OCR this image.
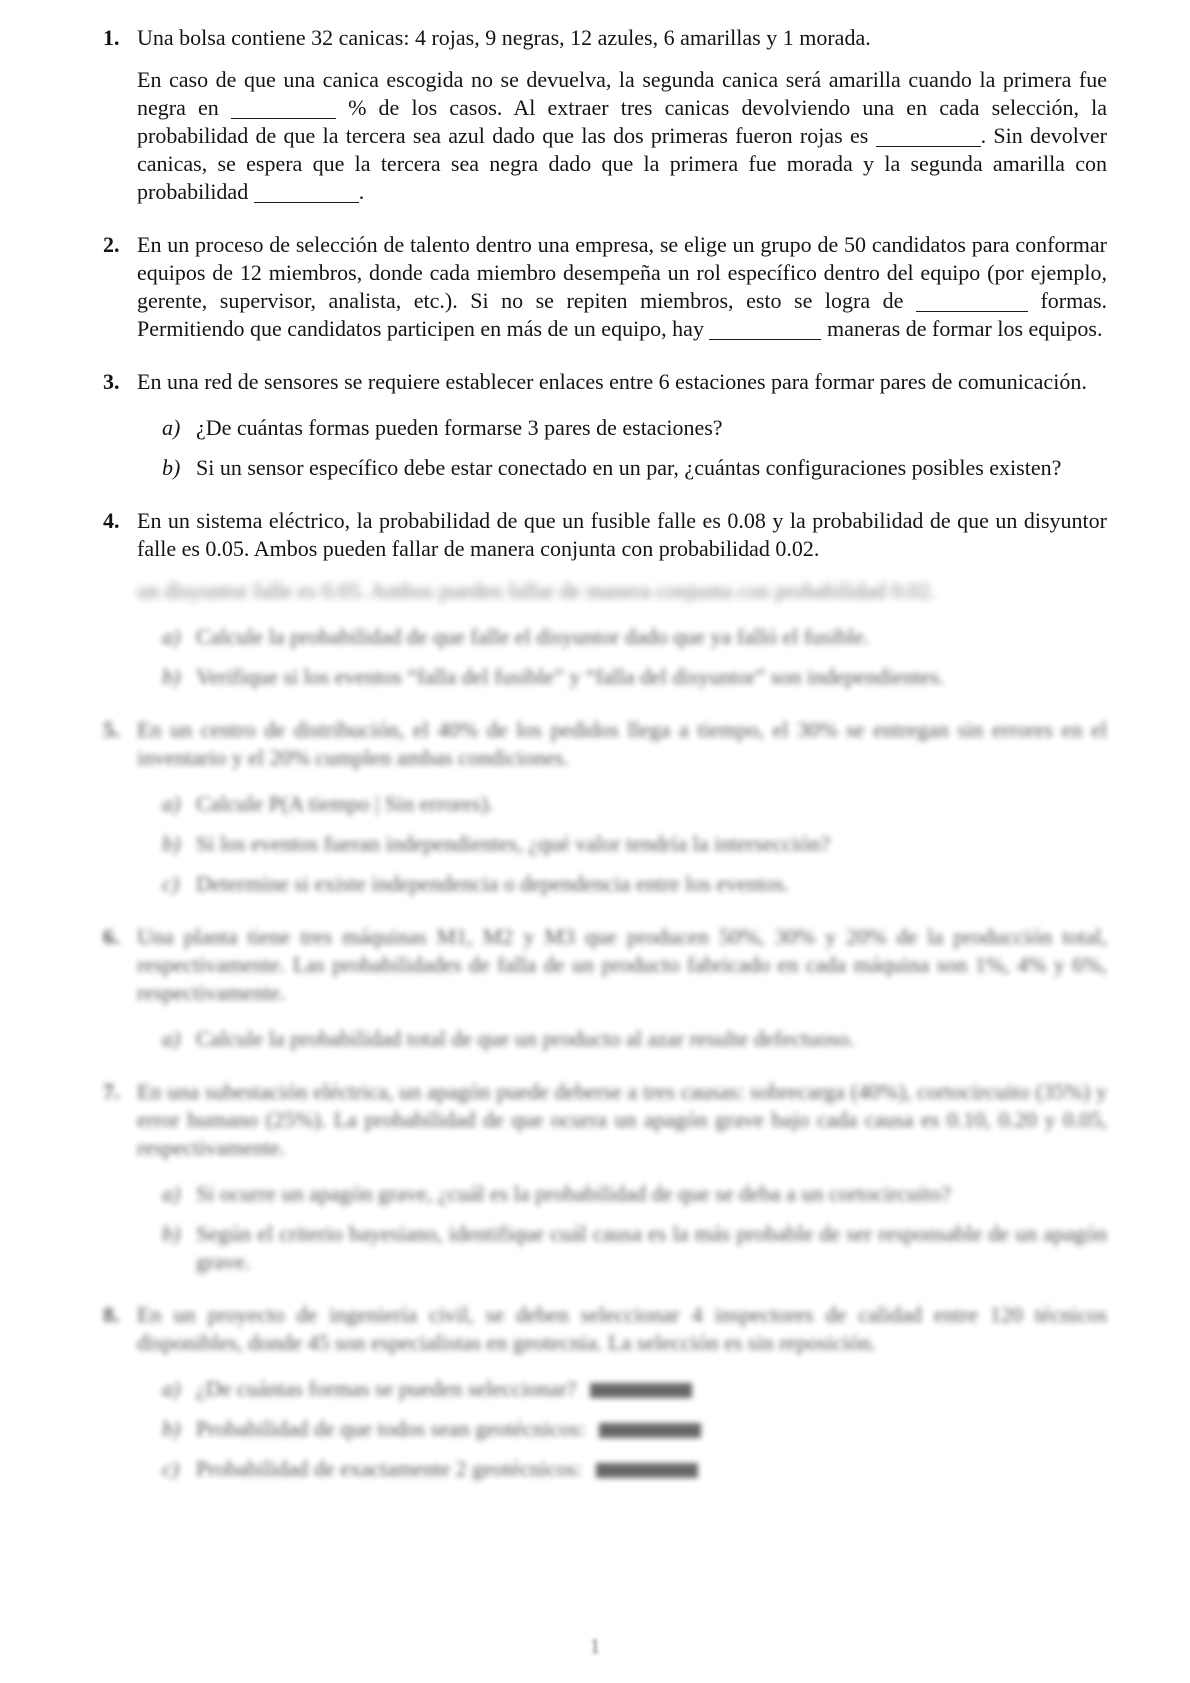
1. Una bolsa contiene 32 canicas: 4 rojas, 9 negras, 12 azules, 6 amarillas y 1 morada.

En caso de que una canica escogida no se devuelva, la segunda canica será amarilla cuando la primera fue negra en	% de los casos. Al extraer tres canicas devolviendo una en cada selección, la probabilidad de que la tercera sea azul dado que las dos primeras fueron rojas es	. Sin devolver canicas, se espera que la tercera sea negra dado que la primera fue morada y la segunda amarilla con probabilidad	.

2. En un proceso de selección de talento dentro una empresa, se elige un grupo de 50 candidatos para conformar equipos de 12 miembros, donde cada miembro desempeña un rol específico dentro del equipo (por ejemplo, gerente, supervisor, analista, etc.). Si no se repiten miembros, esto se logra de	formas. Permitiendo que candidatos participen en más de un equipo, hay	maneras de formar los equipos.

3. En una red de sensores se requiere establecer enlaces entre 6 estaciones para formar pares de comunicación.

a) ¿De cuántas formas pueden formarse 3 pares de estaciones?
b) Si un sensor específico debe estar conectado en un par, ¿cuántas configuraciones posibles existen?
4. En un sistema eléctrico, la probabilidad de que un fusible falle es 0.08 y la probabilidad de que un disyuntor falle es 0.05. Ambos pueden fallar de manera conjunta con probabilidad 0.02.

un disyuntor falle es 0.05. Ambos pueden fallar de manera conjunta con probabilidad 0.02.

a) Calcule la probabilidad de que falle el disyuntor dado que ya falló el fusible.
b) Verifique si los eventos “falla del fusible” y “falla del disyuntor” son independientes.
5. En un centro de distribución, el 40% de los pedidos llega a tiempo, el 30% se entregan sin errores en el inventario y el 20% cumplen ambas condiciones.

a) Calcule P(A tiempo | Sin errores).
b) Si los eventos fueran independientes, ¿qué valor tendría la intersección?
c) Determine si existe independencia o dependencia entre los eventos.
6. Una planta tiene tres máquinas M1, M2 y M3 que producen 50%, 30% y 20% de la producción total, respectivamente. Las probabilidades de falla de un producto fabricado en cada máquina son 1%, 4% y 6%, respectivamente.

a) Calcule la probabilidad total de que un producto al azar resulte defectuoso.
7. En una subestación eléctrica, un apagón puede deberse a tres causas: sobrecarga (40%), cortocircuito (35%) y error humano (25%). La probabilidad de que ocurra un apagón grave bajo cada causa es 0.10, 0.20 y 0.05, respectivamente.

a) Si ocurre un apagón grave, ¿cuál es la probabilidad de que se deba a un cortocircuito?
b) Según el criterio bayesiano, identifique cuál causa es la más probable de ser responsable de un apagón grave.
8. En un proyecto de ingeniería civil, se deben seleccionar 4 inspectores de calidad entre 120 técnicos disponibles, donde 45 son especialistas en geotecnia. La selección es sin reposición.

a) ¿De cuántas formas se pueden seleccionar?
b) Probabilidad de que todos sean geotécnicos:
c) Probabilidad de exactamente 2 geotécnicos:
1
